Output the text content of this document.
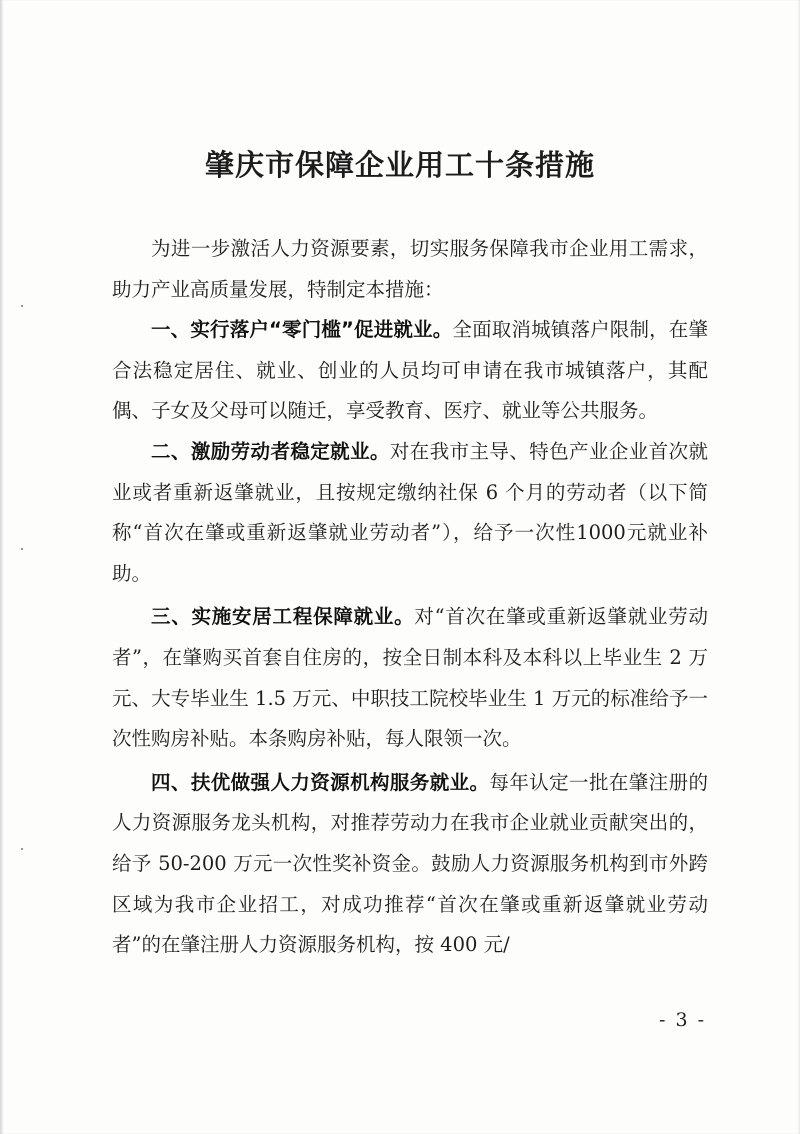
肇庆市保障企业用工十条措施

为进一步激活人力资源要素，切实服务保障我市企业用工需求，助力产业高质量发展，特制定本措施：

一、实行落户“零门槛”促进就业。全面取消城镇落户限制，在肇合法稳定居住、就业、创业的人员均可申请在我市城镇落户，其配偶、子女及父母可以随迁，享受教育、医疗、就业等公共服务。

二、激励劳动者稳定就业。对在我市主导、特色产业企业首次就业或者重新返肇就业，且按规定缴纳社保 6 个月的劳动者（以下简称“首次在肇或重新返肇就业劳动者”），给予一次性1000元就业补助。

三、实施安居工程保障就业。对“首次在肇或重新返肇就业劳动者”，在肇购买首套自住房的，按全日制本科及本科以上毕业生 2 万元、大专毕业生 1.5 万元、中职技工院校毕业生 1 万元的标准给予一次性购房补贴。本条购房补贴，每人限领一次。

四、扶优做强人力资源机构服务就业。每年认定一批在肇注册的人力资源服务龙头机构，对推荐劳动力在我市企业就业贡献突出的，给予 50-200 万元一次性奖补资金。鼓励人力资源服务机构到市外跨区域为我市企业招工，对成功推荐“首次在肇或重新返肇就业劳动者”的在肇注册人力资源服务机构，按 400 元/

- 3 -
